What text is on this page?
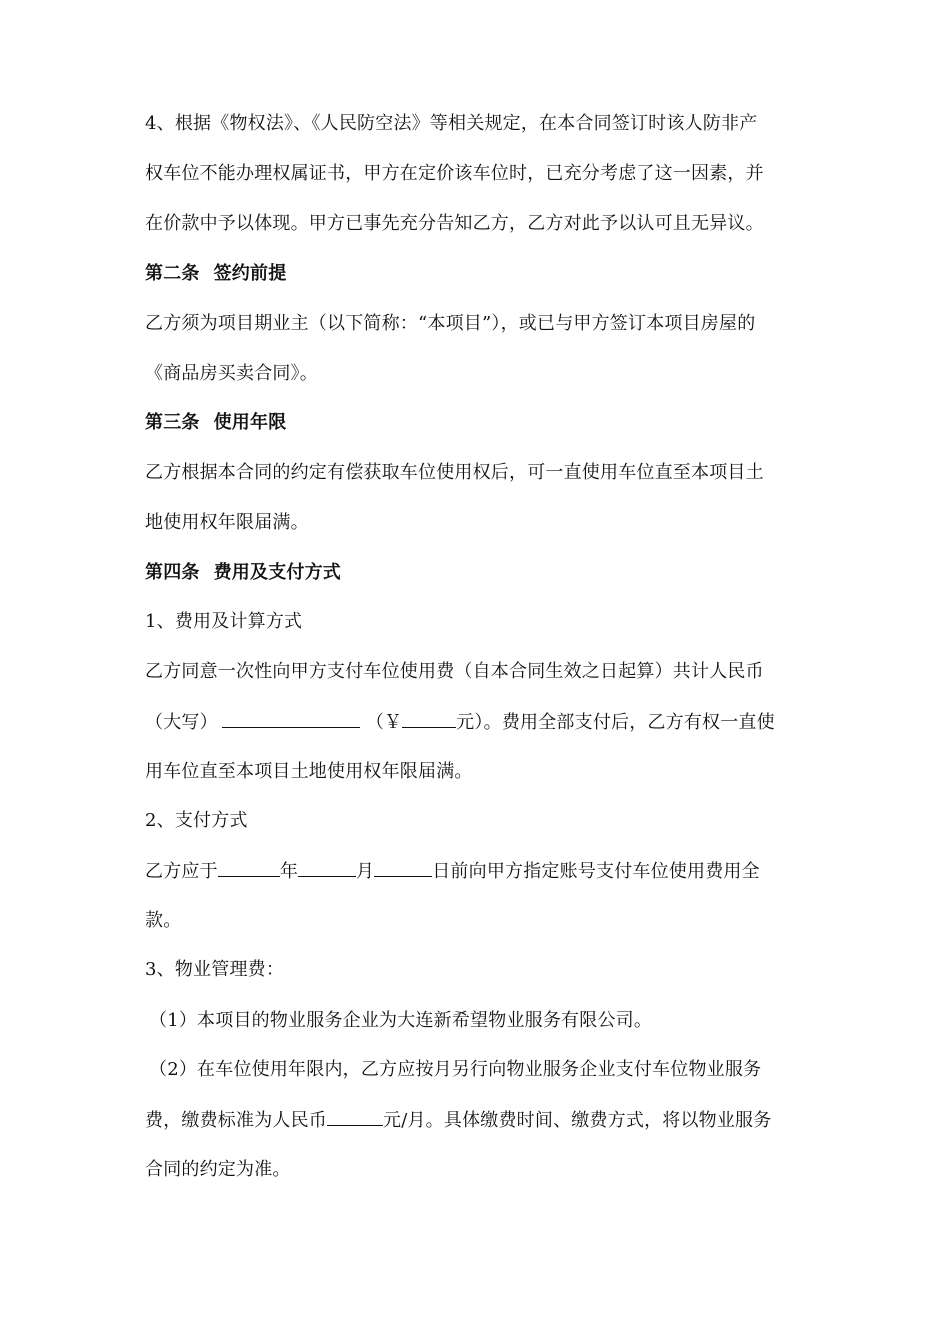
4、根据《物权法》、《人民防空法》等相关规定，在本合同签订时该人防非产
权车位不能办理权属证书，甲方在定价该车位时，已充分考虑了这一因素，并
在价款中予以体现。甲方已事先充分告知乙方，乙方对此予以认可且无异议。
第二条 签约前提
乙方须为项目期业主（以下简称：“本项目”），或已与甲方签订本项目房屋的
《商品房买卖合同》。
第三条 使用年限
乙方根据本合同的约定有偿获取车位使用权后，可一直使用车位直至本项目土
地使用权年限届满。
第四条 费用及支付方式
1、费用及计算方式
乙方同意一次性向甲方支付车位使用费（自本合同生效之日起算）共计人民币
（大写）	（￥	元）。费用全部支付后，乙方有权一直使
用车位直至本项目土地使用权年限届满。
2、支付方式
乙方应于	年	月	日前向甲方指定账号支付车位使用费用全
款。
3、物业管理费：
（1）本项目的物业服务企业为大连新希望物业服务有限公司。
（2）在车位使用年限内，乙方应按月另行向物业服务企业支付车位物业服务
费，缴费标准为人民币	元/月。具体缴费时间、缴费方式，将以物业服务
合同的约定为准。
